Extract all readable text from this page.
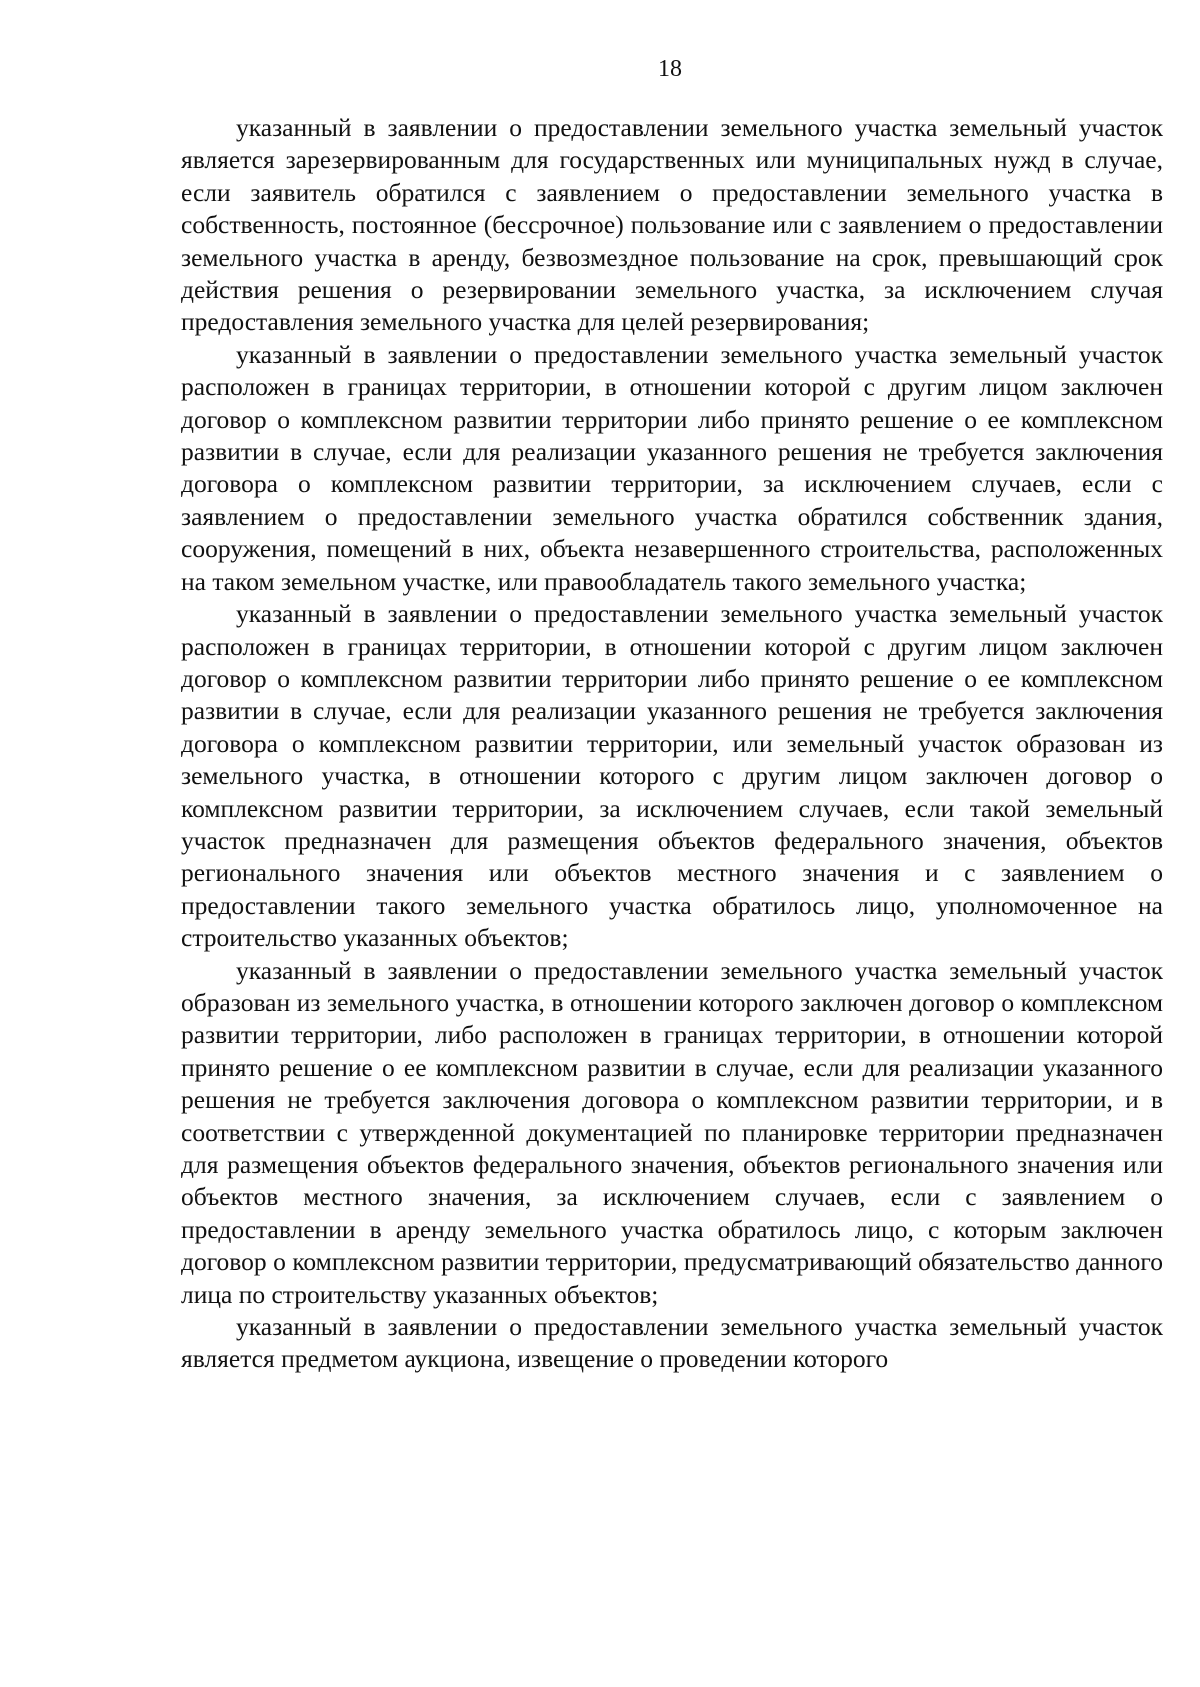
18

указанный в заявлении о предоставлении земельного участка земельный участок является зарезервированным для государственных или муниципальных нужд в случае, если заявитель обратился с заявлением о предоставлении земельного участка в собственность, постоянное (бессрочное) пользование или с заявлением о предоставлении земельного участка в аренду, безвозмездное пользование на срок, превышающий срок действия решения о резервировании земельного участка, за исключением случая предоставления земельного участка для целей резервирования;

указанный в заявлении о предоставлении земельного участка земельный участок расположен в границах территории, в отношении которой с другим лицом заключен договор о комплексном развитии территории либо принято решение о ее комплексном развитии в случае, если для реализации указанного решения не требуется заключения договора о комплексном развитии территории, за исключением случаев, если с заявлением о предоставлении земельного участка обратился собственник здания, сооружения, помещений в них, объекта незавершенного строительства, расположенных на таком земельном участке, или правообладатель такого земельного участка;

указанный в заявлении о предоставлении земельного участка земельный участок расположен в границах территории, в отношении которой с другим лицом заключен договор о комплексном развитии территории либо принято решение о ее комплексном развитии в случае, если для реализации указанного решения не требуется заключения договора о комплексном развитии территории, или земельный участок образован из земельного участка, в отношении которого с другим лицом заключен договор о комплексном развитии территории, за исключением случаев, если такой земельный участок предназначен для размещения объектов федерального значения, объектов регионального значения или объектов местного значения и с заявлением о предоставлении такого земельного участка обратилось лицо, уполномоченное на строительство указанных объектов;

указанный в заявлении о предоставлении земельного участка земельный участок образован из земельного участка, в отношении которого заключен договор о комплексном развитии территории, либо расположен в границах территории, в отношении которой принято решение о ее комплексном развитии в случае, если для реализации указанного решения не требуется заключения договора о комплексном развитии территории, и в соответствии с утвержденной документацией по планировке территории предназначен для размещения объектов федерального значения, объектов регионального значения или объектов местного значения, за исключением случаев, если с заявлением о предоставлении в аренду земельного участка обратилось лицо, с которым заключен договор о комплексном развитии территории, предусматривающий обязательство данного лица по строительству указанных объектов;

указанный в заявлении о предоставлении земельного участка земельный участок является предметом аукциона, извещение о проведении которого
